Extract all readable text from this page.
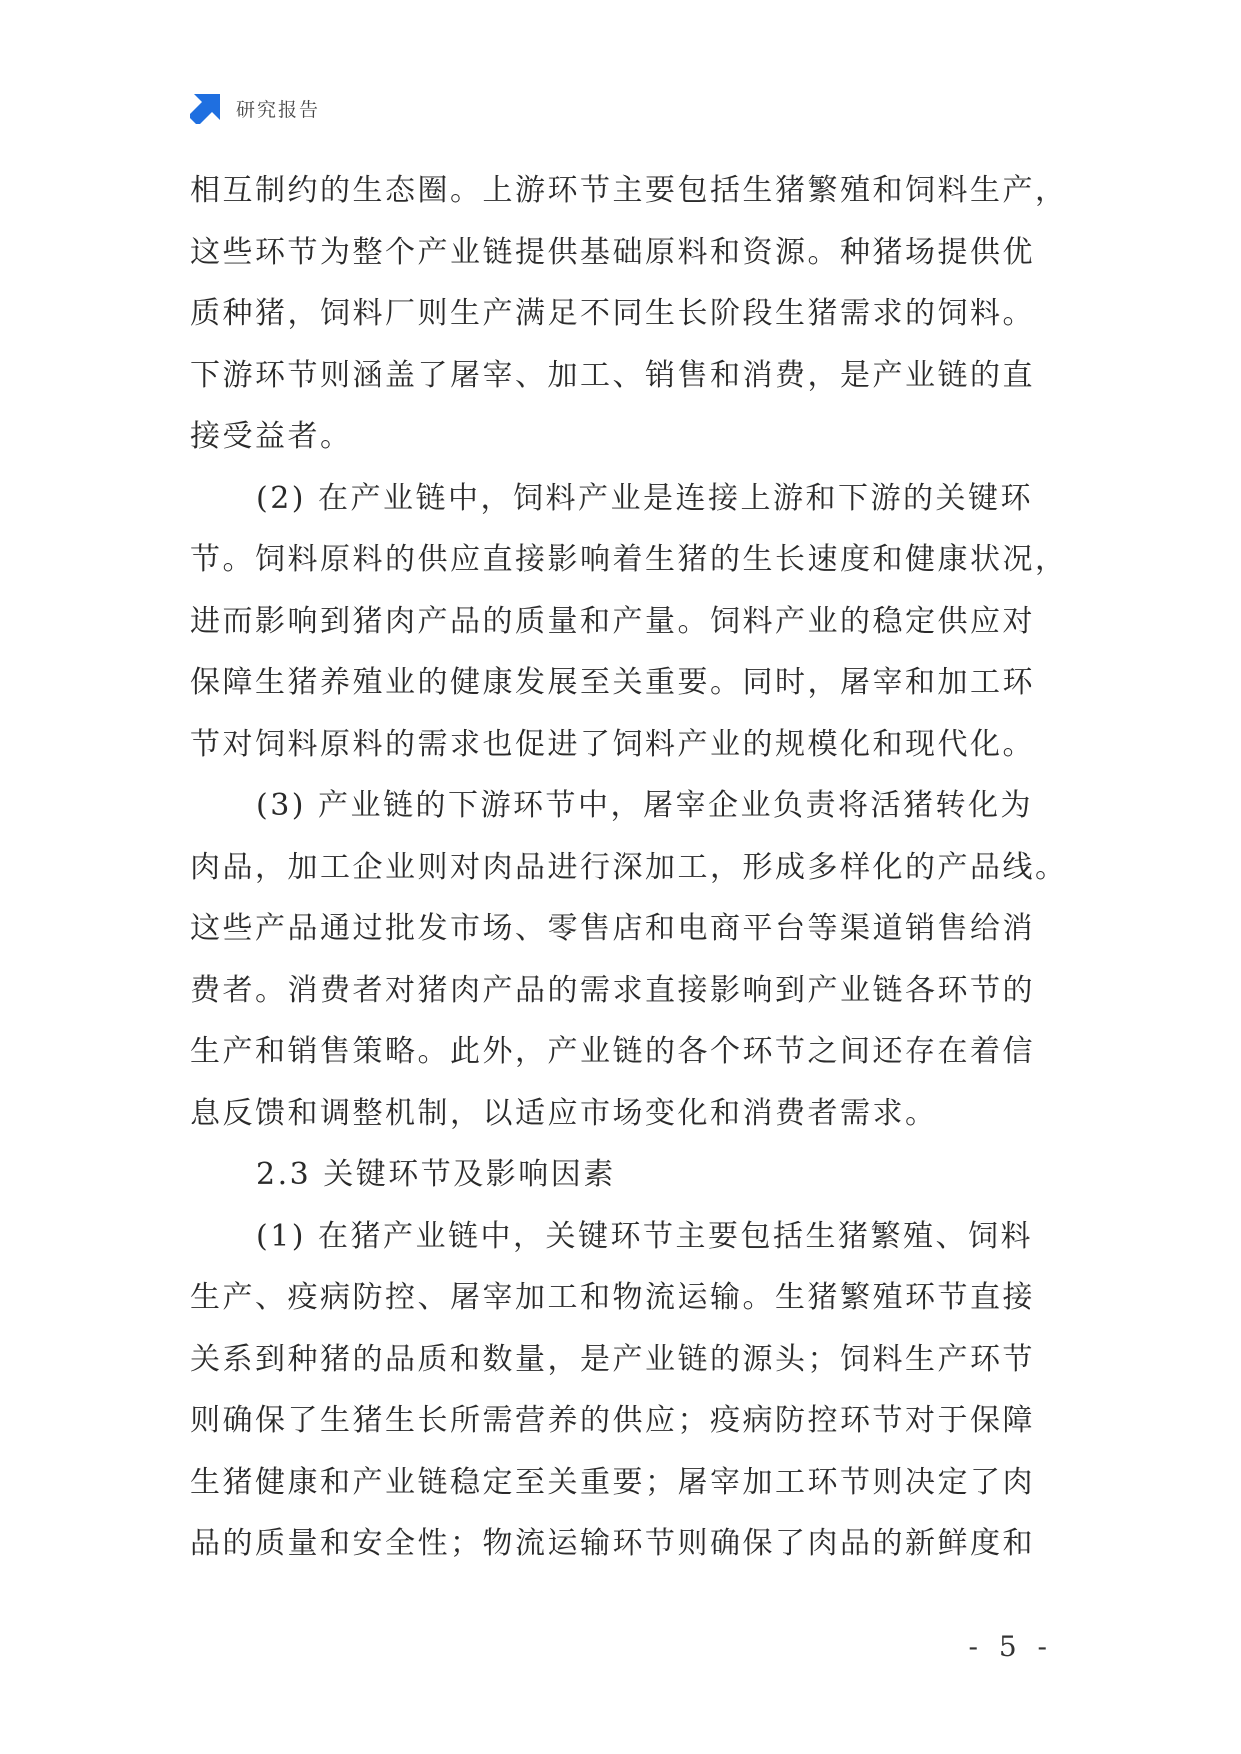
研究报告
相互制约的生态圈。上游环节主要包括生猪繁殖和饲料生产，
这些环节为整个产业链提供基础原料和资源。种猪场提供优
质种猪，饲料厂则生产满足不同生长阶段生猪需求的饲料。
下游环节则涵盖了屠宰、加工、销售和消费，是产业链的直
接受益者。
(2) 在产业链中，饲料产业是连接上游和下游的关键环
节。饲料原料的供应直接影响着生猪的生长速度和健康状况，
进而影响到猪肉产品的质量和产量。饲料产业的稳定供应对
保障生猪养殖业的健康发展至关重要。同时，屠宰和加工环
节对饲料原料的需求也促进了饲料产业的规模化和现代化。
(3) 产业链的下游环节中，屠宰企业负责将活猪转化为
肉品，加工企业则对肉品进行深加工，形成多样化的产品线。
这些产品通过批发市场、零售店和电商平台等渠道销售给消
费者。消费者对猪肉产品的需求直接影响到产业链各环节的
生产和销售策略。此外，产业链的各个环节之间还存在着信
息反馈和调整机制，以适应市场变化和消费者需求。
2.3 关键环节及影响因素
(1) 在猪产业链中，关键环节主要包括生猪繁殖、饲料
生产、疫病防控、屠宰加工和物流运输。生猪繁殖环节直接
关系到种猪的品质和数量，是产业链的源头；饲料生产环节
则确保了生猪生长所需营养的供应；疫病防控环节对于保障
生猪健康和产业链稳定至关重要；屠宰加工环节则决定了肉
品的质量和安全性；物流运输环节则确保了肉品的新鲜度和
- 5 -
